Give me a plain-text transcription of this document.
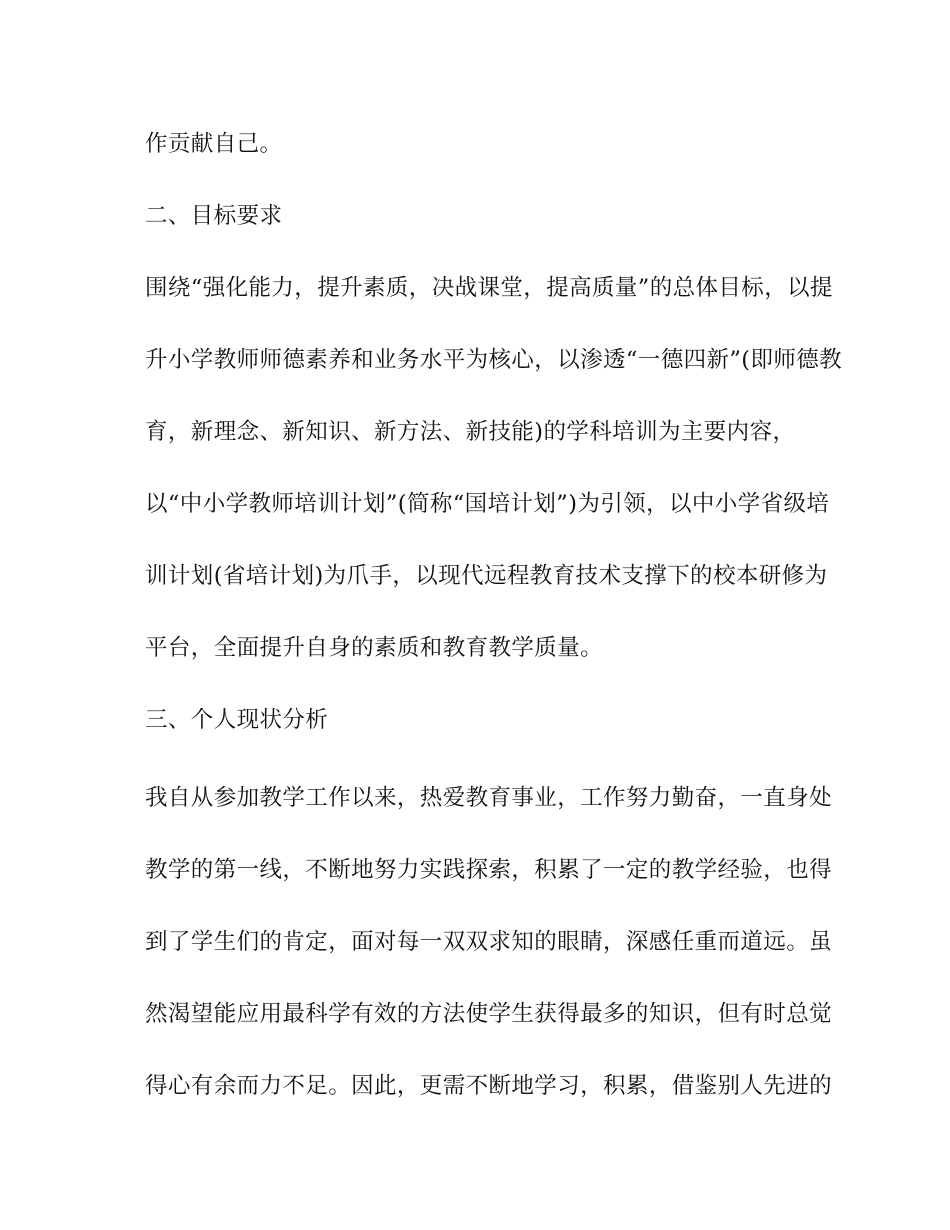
作贡献自己。
二、目标要求
围绕“强化能力，提升素质，决战课堂，提高质量”的总体目标，以提
升小学教师师德素养和业务水平为核心，以渗透“一德四新”(即师德教
育，新理念、新知识、新方法、新技能)的学科培训为主要内容，
以“中小学教师培训计划”(简称“国培计划”)为引领，以中小学省级培
训计划(省培计划)为爪手，以现代远程教育技术支撑下的校本研修为
平台，全面提升自身的素质和教育教学质量。
三、个人现状分析
我自从参加教学工作以来，热爱教育事业，工作努力勤奋，一直身处
教学的第一线，不断地努力实践探索，积累了一定的教学经验，也得
到了学生们的肯定，面对每一双双求知的眼睛，深感任重而道远。虽
然渴望能应用最科学有效的方法使学生获得最多的知识，但有时总觉
得心有余而力不足。因此，更需不断地学习，积累，借鉴别人先进的
